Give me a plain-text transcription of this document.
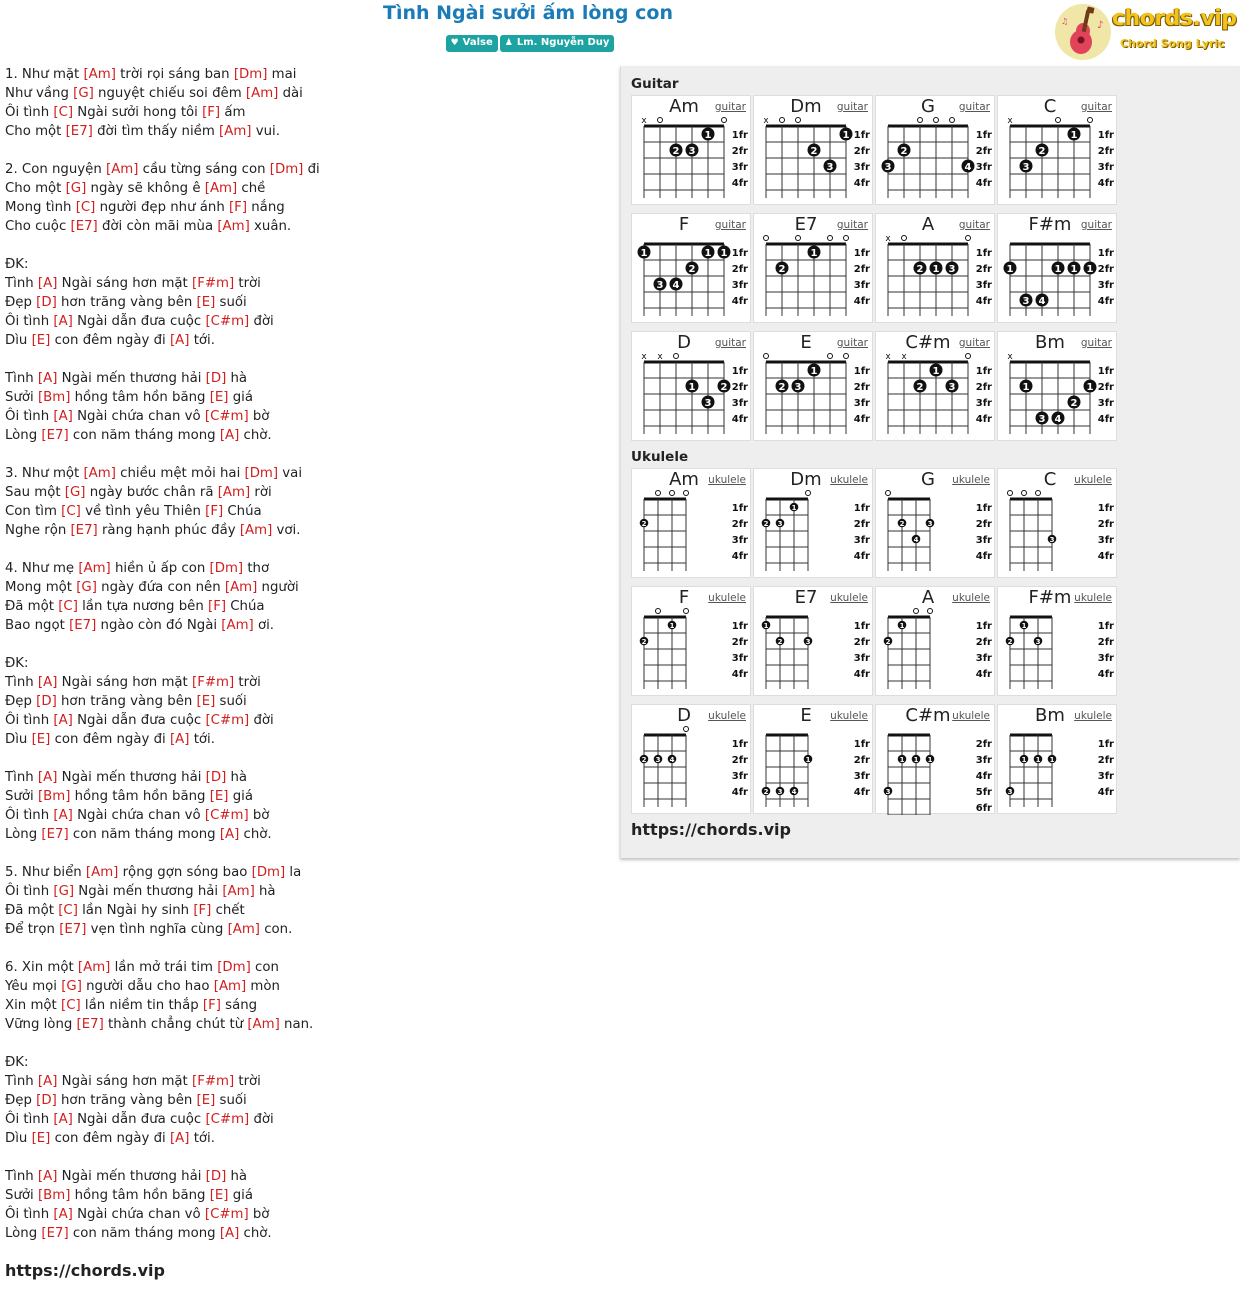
Tình Ngài sưởi ấm lòng con
♥ Valse ♟ Lm. Nguyễn Duy
♪
♫ chords.vip
Chord Song Lyric
1. Như mặt [Am] trời rọi sáng ban [Dm] mai
Như vầng [G] nguyệt chiếu soi đêm [Am] dài
Ôi tình [C] Ngài sưởi hong tôi [F] ấm
Cho một [E7] đời tìm thấy niềm [Am] vui.
2. Con nguyện [Am] cầu từng sáng con [Dm] đi
Cho một [G] ngày sẽ không ê [Am] chề
Mong tình [C] người đẹp như ánh [F] nắng
Cho cuộc [E7] đời còn mãi mùa [Am] xuân.
ĐK:
Tình [A] Ngài sáng hơn mặt [F#m] trời
Đẹp [D] hơn trăng vàng bên [E] suối
Ôi tình [A] Ngài dẫn đưa cuộc [C#m] đời
Dìu [E] con đêm ngày đi [A] tới.
Tình [A] Ngài mến thương hải [D] hà
Sưởi [Bm] hồng tâm hồn băng [E] giá
Ôi tình [A] Ngài chứa chan vô [C#m] bờ
Lòng [E7] con năm tháng mong [A] chờ.
3. Như một [Am] chiều mệt mỏi hai [Dm] vai
Sau một [G] ngày bước chân rã [Am] rời
Con tìm [C] về tình yêu Thiên [F] Chúa
Nghe rộn [E7] ràng hạnh phúc đầy [Am] vơi.
4. Như mẹ [Am] hiền ủ ấp con [Dm] thơ
Mong một [G] ngày đứa con nên [Am] người
Đã một [C] lần tựa nương bên [F] Chúa
Bao ngọt [E7] ngào còn đó Ngài [Am] ơi.
ĐK:
Tình [A] Ngài sáng hơn mặt [F#m] trời
Đẹp [D] hơn trăng vàng bên [E] suối
Ôi tình [A] Ngài dẫn đưa cuộc [C#m] đời
Dìu [E] con đêm ngày đi [A] tới.
Tình [A] Ngài mến thương hải [D] hà
Sưởi [Bm] hồng tâm hồn băng [E] giá
Ôi tình [A] Ngài chứa chan vô [C#m] bờ
Lòng [E7] con năm tháng mong [A] chờ.
5. Như biển [Am] rộng gợn sóng bao [Dm] la
Ôi tình [G] Ngài mến thương hải [Am] hà
Đã một [C] lần Ngài hy sinh [F] chết
Để trọn [E7] vẹn tình nghĩa cùng [Am] con.
6. Xin một [Am] lần mở trái tim [Dm] con
Yêu mọi [G] người dẫu cho hao [Am] mòn
Xin một [C] lần niềm tin thắp [F] sáng
Vững lòng [E7] thành chẳng chút từ [Am] nan.
ĐK:
Tình [A] Ngài sáng hơn mặt [F#m] trời
Đẹp [D] hơn trăng vàng bên [E] suối
Ôi tình [A] Ngài dẫn đưa cuộc [C#m] đời
Dìu [E] con đêm ngày đi [A] tới.
Tình [A] Ngài mến thương hải [D] hà
Sưởi [Bm] hồng tâm hồn băng [E] giá
Ôi tình [A] Ngài chứa chan vô [C#m] bờ
Lòng [E7] con năm tháng mong [A] chờ.
https://chords.vip
Guitar
Am	guitar
1fr
2fr
3fr
4fr
x
2 3
1
Dm	guitar
1fr
2fr
3fr
4fr
x
2
3
1
G	guitar
1fr
2fr
3fr
4fr
3
2
4
C	guitar
1fr
2fr
3fr
4fr
x
3
2
1
F	guitar
1fr
2fr
3fr
4fr
1
3 4
2
1 1
E7	guitar
1fr
2fr
3fr
4fr
2
1
A	guitar
1fr
2fr
3fr
4fr
x
2 1 3
F#m guitar
1fr
2fr
3fr
4fr
1
3 4
1 1 1
D	guitar
1fr
2fr
3fr
4fr
x x
1
3
2
E	guitar
1fr
2fr
3fr
4fr
2 3
1
C#m guitar
1fr
2fr
3fr
4fr
x x
2
1
3
Bm	guitar
1fr
2fr
3fr
4fr
x
1
3 4
2
1
Ukulele
Am ukulele
1fr
2fr
3fr
4fr
2
Dm ukulele
1fr
2fr
3fr
4fr
2 3
1
G	ukulele
1fr
2fr
3fr
4fr
2
4
3
C	ukulele
1fr
2fr
3fr
4fr
3
F	ukulele
1fr
2fr
3fr
4fr
2
1
E7	ukulele
1fr
2fr
3fr
4fr
1
2	3
A	ukulele
1fr
2fr
3fr
4fr
2
1
F#m ukulele
1fr
2fr
3fr
4fr
2
1
3
D	ukulele
1fr
2fr
3fr
4fr
2 3 4
E	ukulele
1fr
2fr
3fr
4fr
2 3 4
1
C#m ukulele
2fr
3fr
4fr
5fr
6fr
3
1 1 1
Bm ukulele
1fr
2fr
3fr
4fr
3
1 1 1
https://chords.vip
